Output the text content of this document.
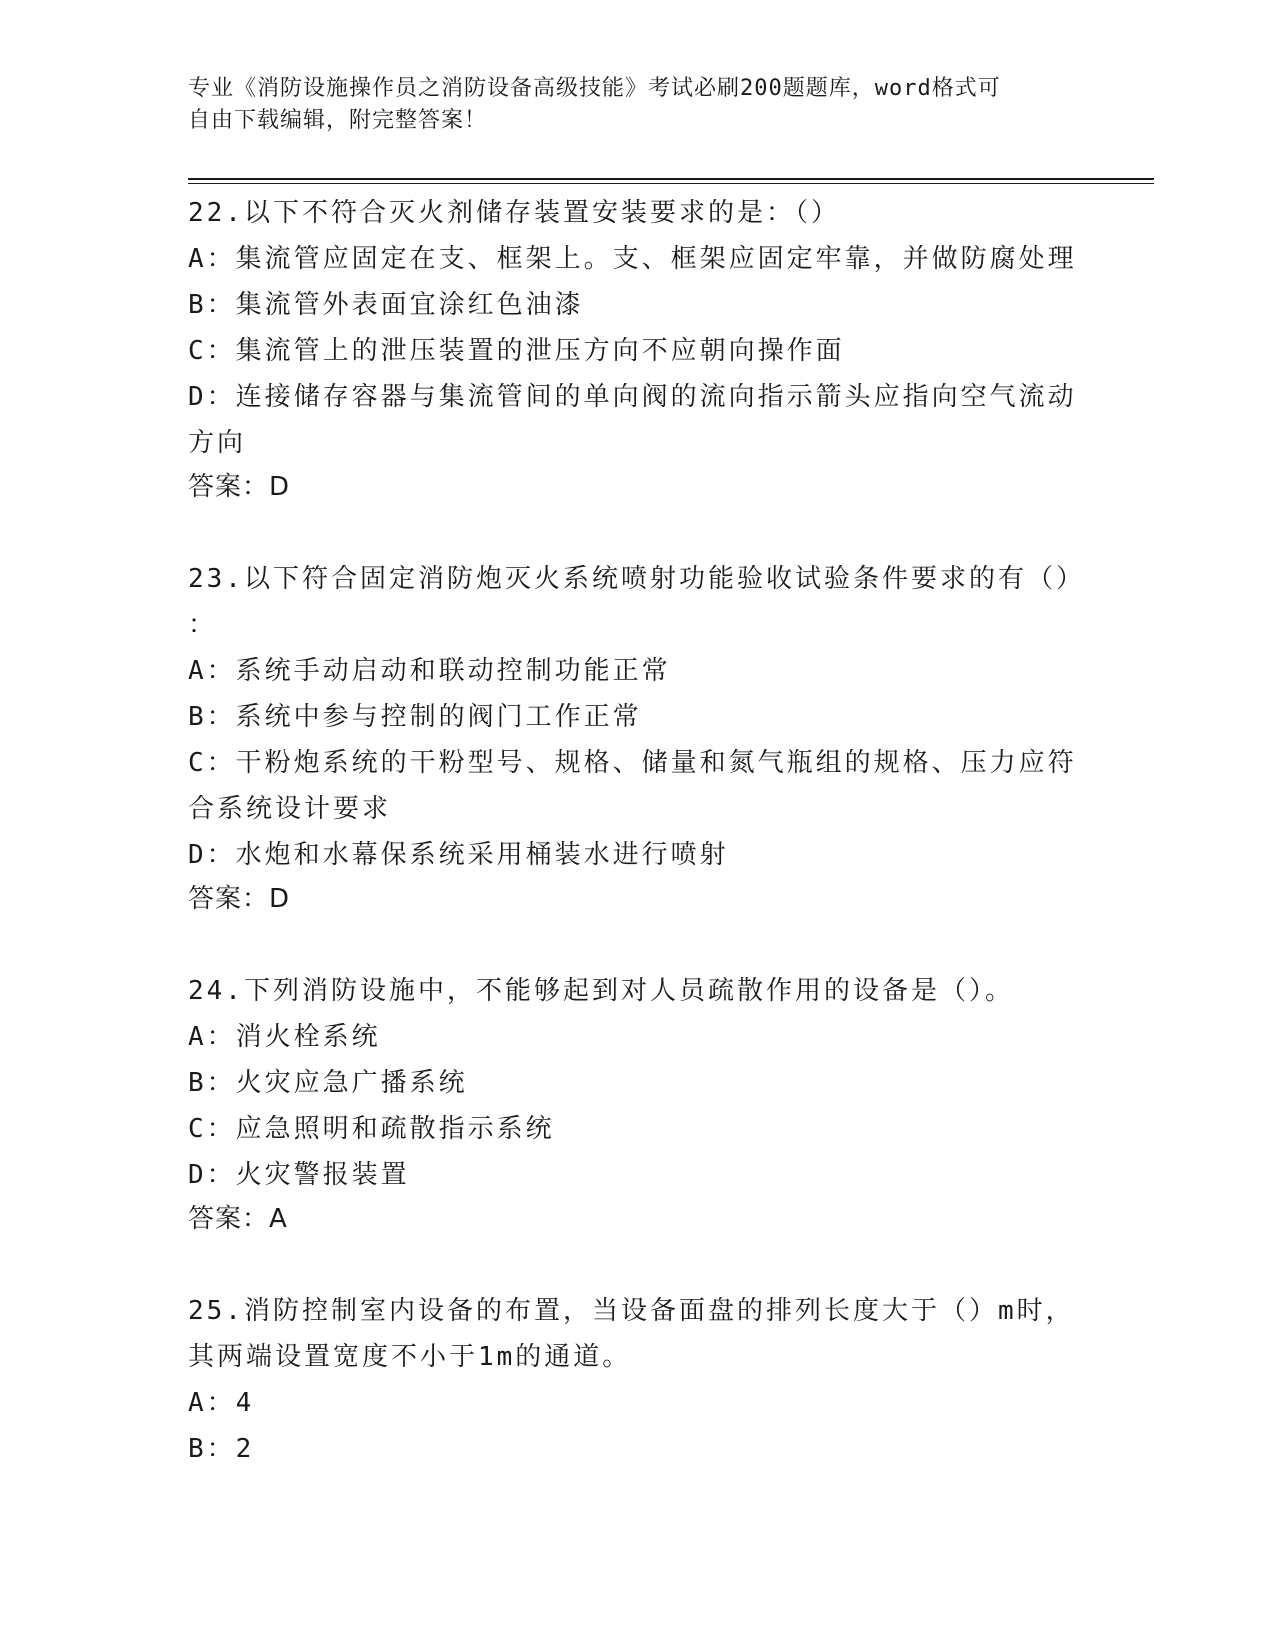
专业《消防设施操作员之消防设备高级技能》考试必刷200题题库，word格式可
自由下载编辑，附完整答案！
22.以下不符合灭火剂储存装置安装要求的是：（）
A：集流管应固定在支、框架上。支、框架应固定牢靠，并做防腐处理
B：集流管外表面宜涂红色油漆
C：集流管上的泄压装置的泄压方向不应朝向操作面
D：连接储存容器与集流管间的单向阀的流向指示箭头应指向空气流动
方向
答案：D
23.以下符合固定消防炮灭火系统喷射功能验收试验条件要求的有（）
：
A：系统手动启动和联动控制功能正常
B：系统中参与控制的阀门工作正常
C：干粉炮系统的干粉型号、规格、储量和氮气瓶组的规格、压力应符
合系统设计要求
D：水炮和水幕保系统采用桶装水进行喷射
答案：D
24.下列消防设施中，不能够起到对人员疏散作用的设备是（）。
A：消火栓系统
B：火灾应急广播系统
C：应急照明和疏散指示系统
D：火灾警报装置
答案：A
25.消防控制室内设备的布置，当设备面盘的排列长度大于（）m时，
其两端设置宽度不小于1m的通道。
A：4
B：2
